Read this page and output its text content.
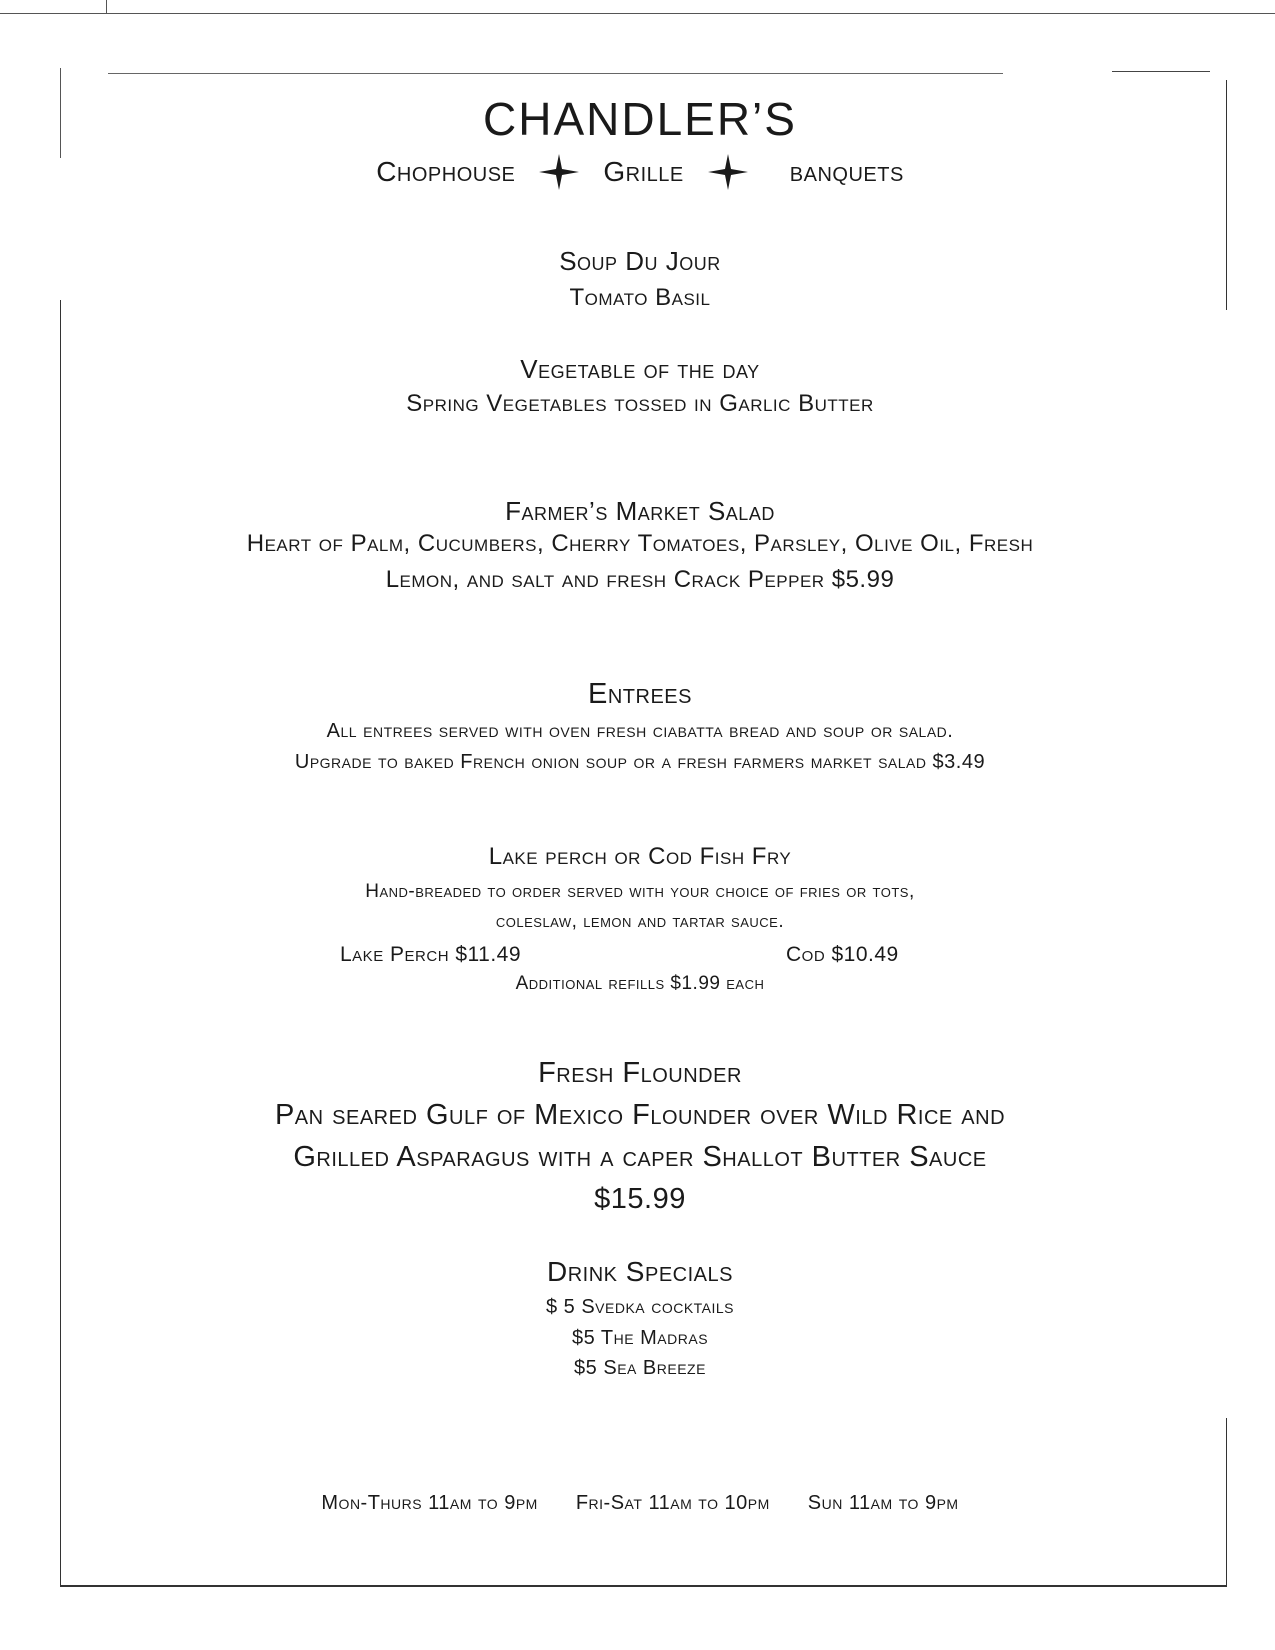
CHANDLER’S
Chophouse	Grille	banquets
Soup Du Jour
Tomato Basil
Vegetable of the day
Spring Vegetables tossed in Garlic Butter
Farmer’s Market Salad
Heart of Palm, Cucumbers, Cherry Tomatoes, Parsley, Olive Oil, Fresh
Lemon, and salt and fresh Crack Pepper $5.99
Entrees
All entrees served with oven fresh ciabatta bread and soup or salad.
Upgrade to baked French onion soup or a fresh farmers market salad $3.49
Lake perch or Cod Fish Fry
Hand-breaded to order served with your choice of fries or tots,
coleslaw, lemon and tartar sauce.
Lake Perch $11.49	Cod $10.49
Additional refills $1.99 each
Fresh Flounder
Pan seared Gulf of Mexico Flounder over Wild Rice and
Grilled Asparagus with a caper Shallot Butter Sauce
$15.99
Drink Specials
$ 5 Svedka cocktails
$5 The Madras
$5 Sea Breeze
Mon-Thurs 11am to 9pm Fri-Sat 11am to 10pm Sun 11am to 9pm
